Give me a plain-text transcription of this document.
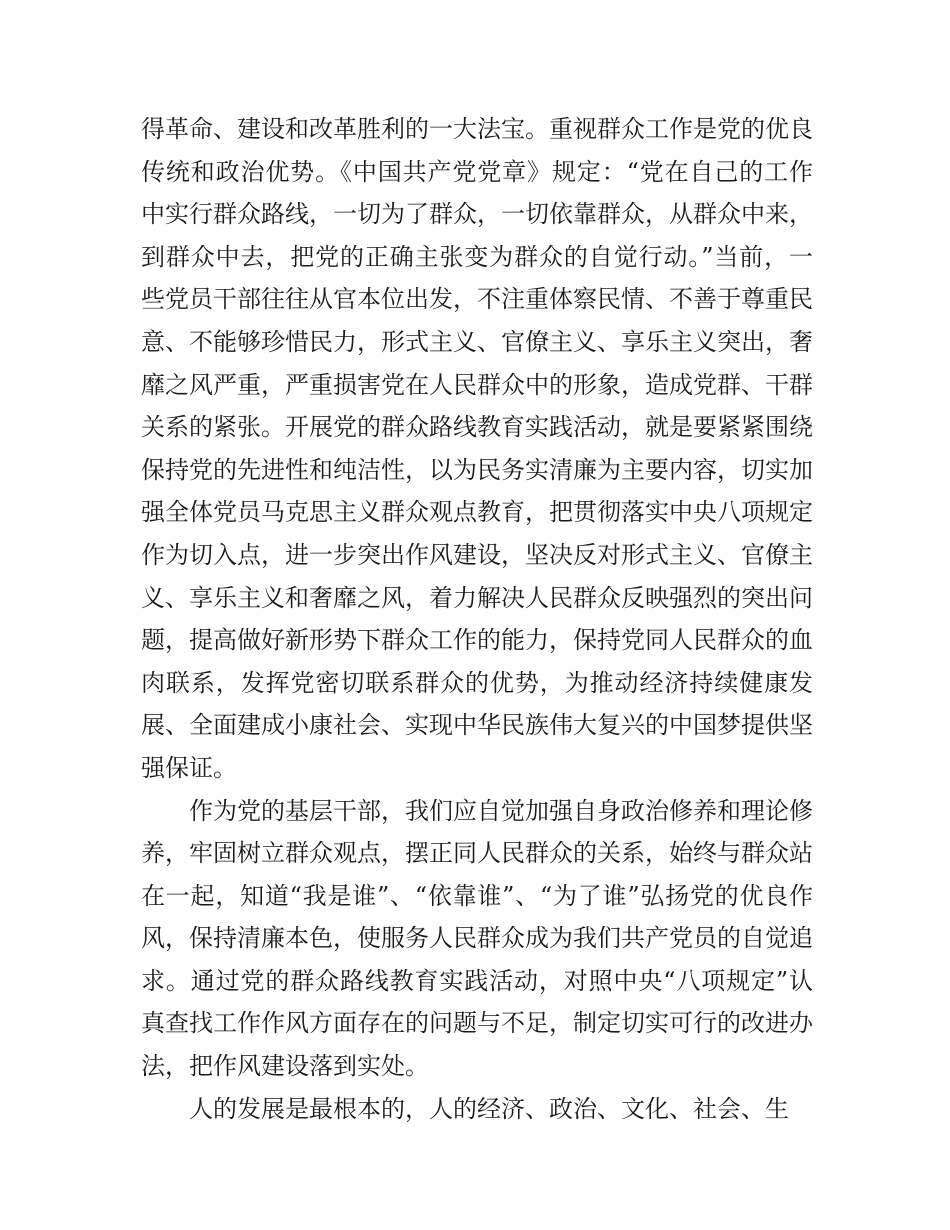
得革命、建设和改革胜利的一大法宝。重视群众工作是党的优良传统和政治优势。《中国共产党党章》规定：“党在自己的工作中实行群众路线，一切为了群众，一切依靠群众，从群众中来，到群众中去，把党的正确主张变为群众的自觉行动。”当前，一些党员干部往往从官本位出发，不注重体察民情、不善于尊重民意、不能够珍惜民力，形式主义、官僚主义、享乐主义突出，奢靡之风严重，严重损害党在人民群众中的形象，造成党群、干群关系的紧张。开展党的群众路线教育实践活动，就是要紧紧围绕保持党的先进性和纯洁性，以为民务实清廉为主要内容，切实加强全体党员马克思主义群众观点教育，把贯彻落实中央八项规定作为切入点，进一步突出作风建设，坚决反对形式主义、官僚主义、享乐主义和奢靡之风，着力解决人民群众反映强烈的突出问题，提高做好新形势下群众工作的能力，保持党同人民群众的血肉联系，发挥党密切联系群众的优势，为推动经济持续健康发展、全面建成小康社会、实现中华民族伟大复兴的中国梦提供坚强保证。

作为党的基层干部，我们应自觉加强自身政治修养和理论修养，牢固树立群众观点，摆正同人民群众的关系，始终与群众站在一起，知道“我是谁”、“依靠谁”、“为了谁”弘扬党的优良作风，保持清廉本色，使服务人民群众成为我们共产党员的自觉追求。通过党的群众路线教育实践活动，对照中央“八项规定”认真查找工作作风方面存在的问题与不足，制定切实可行的改进办法，把作风建设落到实处。

人的发展是最根本的，人的经济、政治、文化、社会、生
